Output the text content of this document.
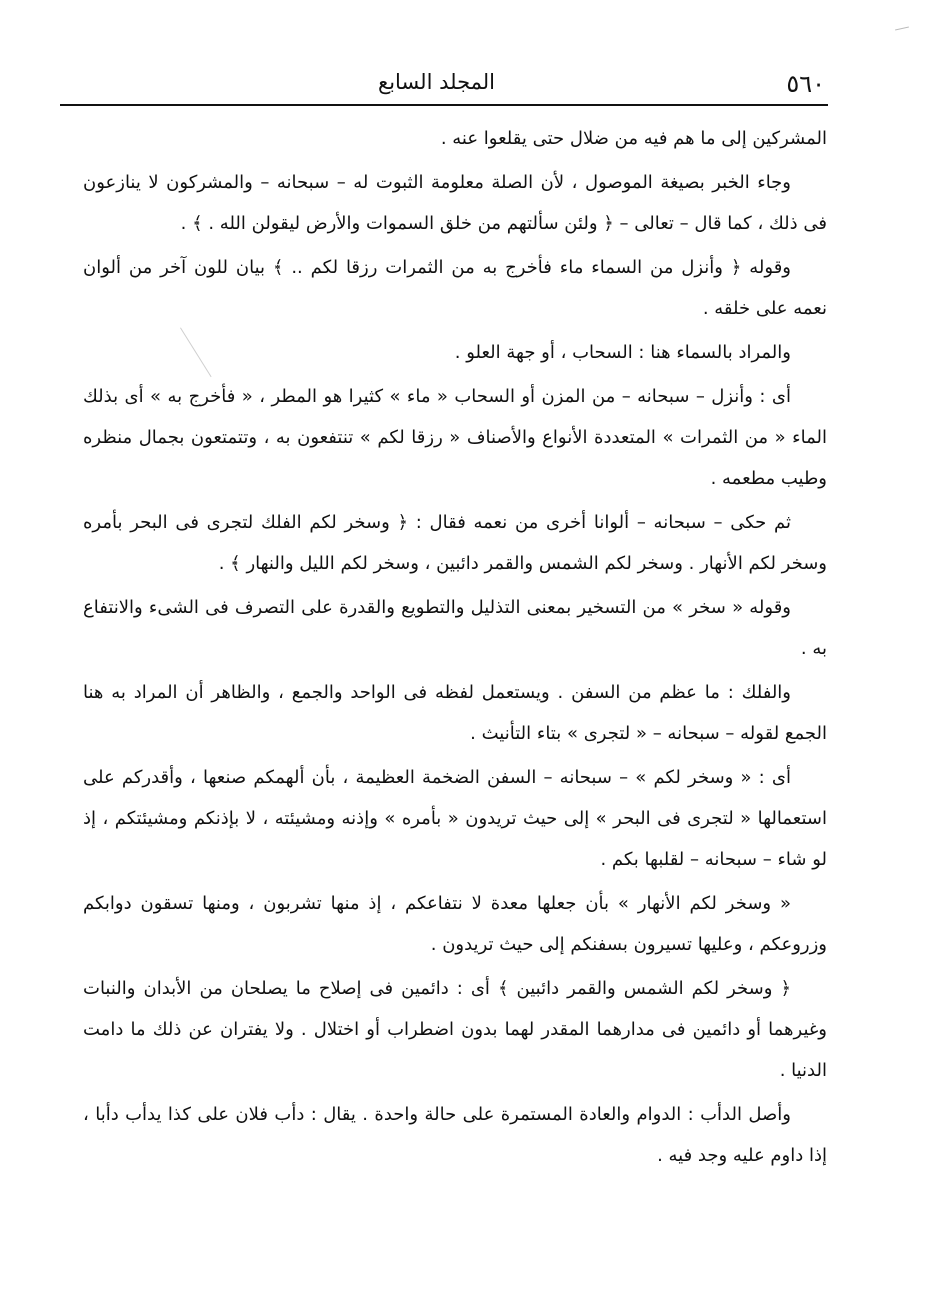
٥٦٠
المجلد السابع

المشركين إلى ما هم فيه من ضلال حتى يقلعوا عنه .

وجاء الخبر بصيغة الموصول ، لأن الصلة معلومة الثبوت له – سبحانه – والمشركون لا ينازعون فى ذلك ، كما قال – تعالى – ﴿ ولئن سألتهم من خلق السموات والأرض ليقولن الله . ﴾ .

وقوله ﴿ وأنزل من السماء ماء فأخرج به من الثمرات رزقا لكم .. ﴾ بيان للون آخر من ألوان نعمه على خلقه .

والمراد بالسماء هنا : السحاب ، أو جهة العلو .

أى : وأنزل – سبحانه – من المزن أو السحاب « ماء » كثيرا هو المطر ، « فأخرج به » أى بذلك الماء « من الثمرات » المتعددة الأنواع والأصناف « رزقا لكم » تنتفعون به ، وتتمتعون بجمال منظره وطيب مطعمه .

ثم حكى – سبحانه – ألوانا أخرى من نعمه فقال : ﴿ وسخر لكم الفلك لتجرى فى البحر بأمره وسخر لكم الأنهار . وسخر لكم الشمس والقمر دائبين ، وسخر لكم الليل والنهار ﴾ .

وقوله « سخر » من التسخير بمعنى التذليل والتطويع والقدرة على التصرف فى الشىء والانتفاع به .

والفلك : ما عظم من السفن . ويستعمل لفظه فى الواحد والجمع ، والظاهر أن المراد به هنا الجمع لقوله – سبحانه – « لتجرى » بتاء التأنيث .

أى : « وسخر لكم » – سبحانه – السفن الضخمة العظيمة ، بأن ألهمكم صنعها ، وأقدركم على استعمالها « لتجرى فى البحر » إلى حيث تريدون « بأمره » وإذنه ومشيئته ، لا بإذنكم ومشيئتكم ، إذ لو شاء – سبحانه – لقلبها بكم .

« وسخر لكم الأنهار » بأن جعلها معدة لا نتفاعكم ، إذ منها تشربون ، ومنها تسقون دوابكم وزروعكم ، وعليها تسيرون بسفنكم إلى حيث تريدون .

﴿ وسخر لكم الشمس والقمر دائبين ﴾ أى : دائمين فى إصلاح ما يصلحان من الأبدان والنبات وغيرهما أو دائمين فى مدارهما المقدر لهما بدون اضطراب أو اختلال . ولا يفتران عن ذلك ما دامت الدنيا .

وأصل الدأب : الدوام والعادة المستمرة على حالة واحدة . يقال : دأب فلان على كذا يدأب دأبا ، إذا داوم عليه وجد فيه .
